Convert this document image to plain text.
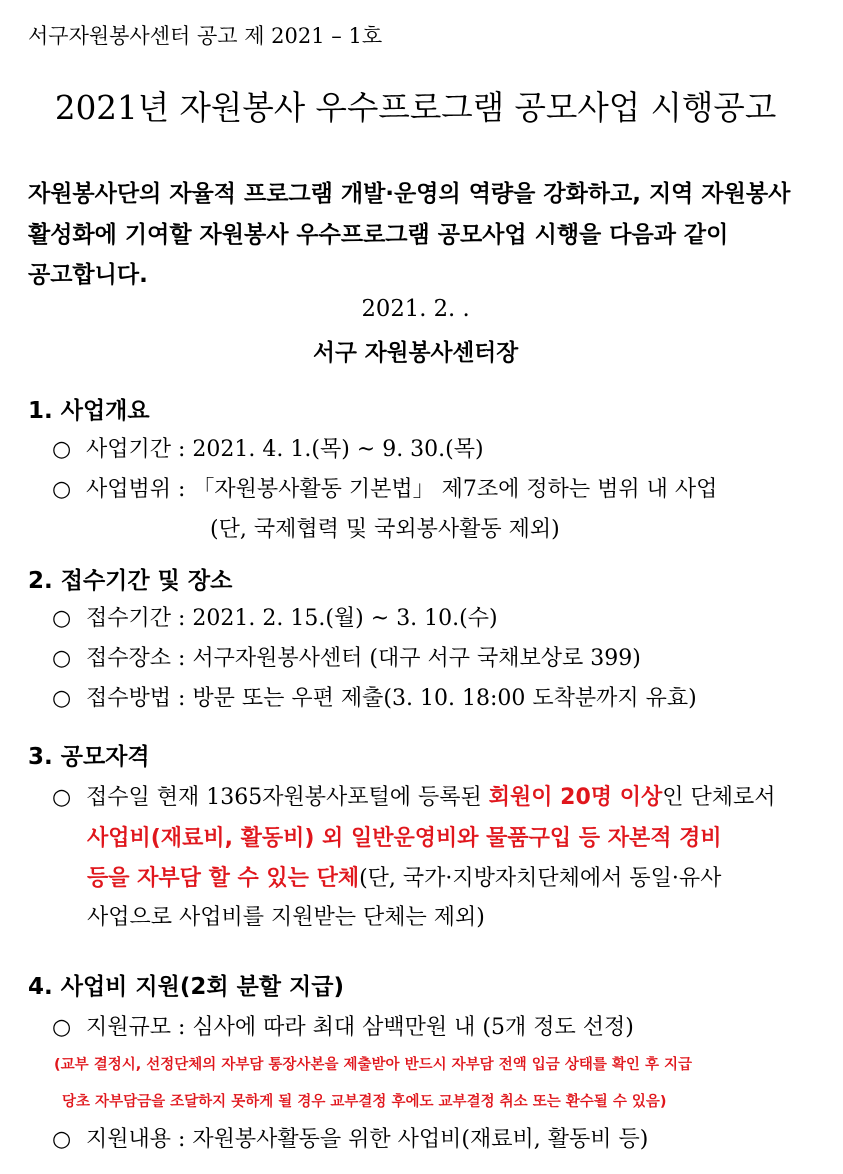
서구자원봉사센터 공고 제 2021 – 1호
2021년 자원봉사 우수프로그램 공모사업 시행공고
자원봉사단의 자율적 프로그램 개발·운영의 역량을 강화하고, 지역 자원봉사
활성화에 기여할 자원봉사 우수프로그램 공모사업 시행을 다음과 같이
공고합니다.
2021. 2. .
서구 자원봉사센터장
1. 사업개요
○ 사업기간 : 2021. 4. 1.(목) ~ 9. 30.(목)
○ 사업범위 : 「자원봉사활동 기본법」 제7조에 정하는 범위 내 사업
(단, 국제협력 및 국외봉사활동 제외)
2. 접수기간 및 장소
○ 접수기간 : 2021. 2. 15.(월) ~ 3. 10.(수)
○ 접수장소 : 서구자원봉사센터 (대구 서구 국채보상로 399)
○ 접수방법 : 방문 또는 우편 제출(3. 10. 18:00 도착분까지 유효)
3. 공모자격
○ 접수일 현재 1365자원봉사포털에 등록된 회원이 20명 이상인 단체로서
사업비(재료비, 활동비) 외 일반운영비와 물품구입 등 자본적 경비
등을 자부담 할 수 있는 단체(단, 국가·지방자치단체에서 동일·유사
사업으로 사업비를 지원받는 단체는 제외)
4. 사업비 지원(2회 분할 지급)
○ 지원규모 : 심사에 따라 최대 삼백만원 내 (5개 정도 선정)
(교부 결정시, 선정단체의 자부담 통장사본을 제출받아 반드시 자부담 전액 입금 상태를 확인 후 지급
당초 자부담금을 조달하지 못하게 될 경우 교부결정 후에도 교부결정 취소 또는 환수될 수 있음)
○ 지원내용 : 자원봉사활동을 위한 사업비(재료비, 활동비 등)
